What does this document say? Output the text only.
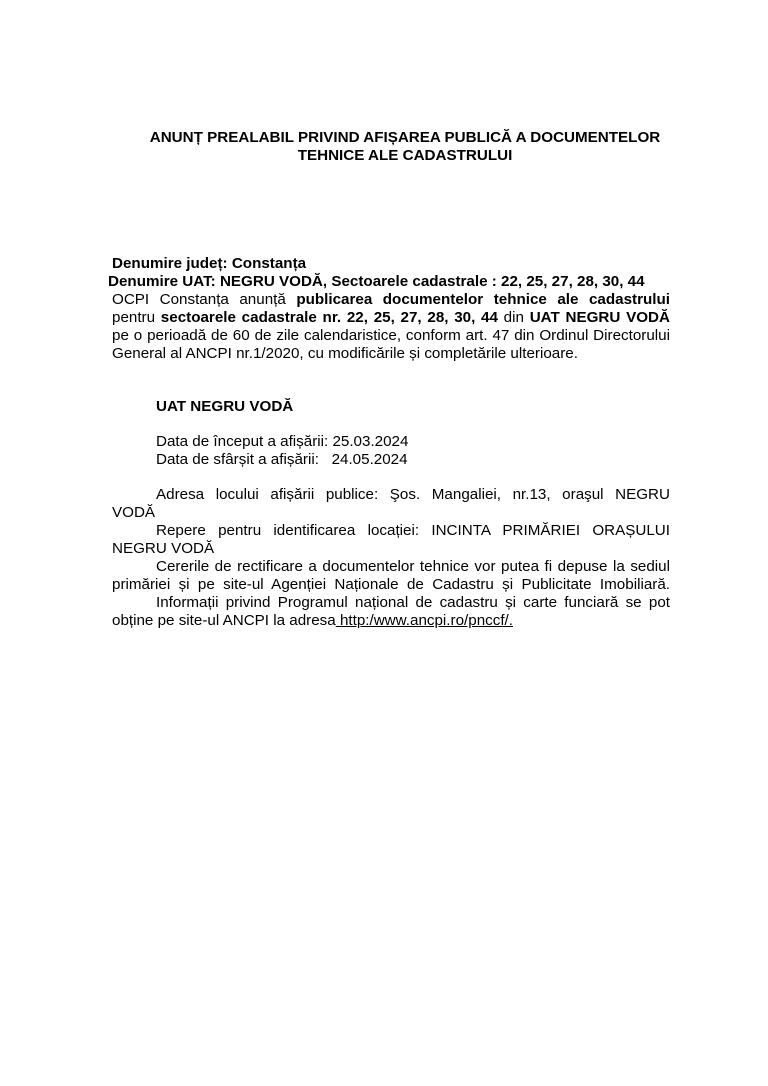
ANUNȚ PREALABIL PRIVIND AFIȘAREA PUBLICĂ A DOCUMENTELOR
TEHNICE ALE CADASTRULUI
Denumire județ: Constanța
Denumire UAT: NEGRU VODĂ, Sectoarele cadastrale : 22, 25, 27, 28, 30, 44
OCPI Constanța anunță publicarea documentelor tehnice ale cadastrului pentru sectoarele cadastrale nr. 22, 25, 27, 28, 30, 44 din UAT NEGRU VODĂ pe o perioadă de 60 de zile calendaristice, conform art. 47 din Ordinul Directorului General al ANCPI nr.1/2020, cu modificările și completările ulterioare.
UAT NEGRU VODĂ
Data de început a afișării: 25.03.2024
Data de sfârșit a afișării:   24.05.2024
Adresa locului afișării publice: Şos. Mangaliei, nr.13, oraşul NEGRU
VODĂ
Repere pentru identificarea locației: INCINTA PRIMĂRIEI ORAȘULUI
NEGRU VODĂ
Cererile de rectificare a documentelor tehnice vor putea fi depuse la sediul
primăriei și pe site-ul Agenției Naționale de Cadastru și Publicitate Imobiliară.
Informații privind Programul național de cadastru și carte funciară se pot
obține pe site-ul ANCPI la adresa http:/www.ancpi.ro/pnccf/.
